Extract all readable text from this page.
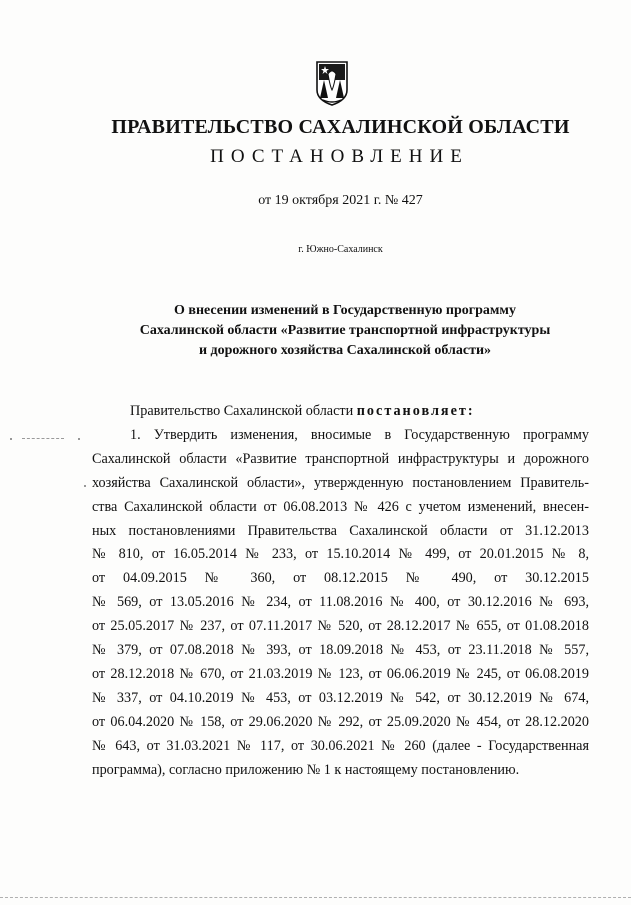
ПРАВИТЕЛЬСТВО САХАЛИНСКОЙ ОБЛАСТИ
ПОСТАНОВЛЕНИЕ
от 19 октября 2021 г. № 427
г. Южно-Сахалинск
О внесении изменений в Государственную программу
Сахалинской области «Развитие транспортной инфраструктуры
и дорожного хозяйства Сахалинской области»
Правительство Сахалинской области постановляет:
1. Утвердить изменения, вносимые в Государственную программу
Сахалинской области «Развитие транспортной инфраструктуры и дорожного
хозяйства Сахалинской области», утвержденную постановлением Правитель-
ства Сахалинской области от 06.08.2013 № 426 с учетом изменений, внесен-
ных постановлениями Правительства Сахалинской области от 31.12.2013
№ 810, от 16.05.2014 № 233, от 15.10.2014 № 499, от 20.01.2015 № 8,
от 04.09.2015 № 360, от 08.12.2015 № 490, от 30.12.2015
№ 569, от 13.05.2016 № 234, от 11.08.2016 № 400, от 30.12.2016 № 693,
от 25.05.2017 № 237, от 07.11.2017 № 520, от 28.12.2017 № 655, от 01.08.2018
№ 379, от 07.08.2018 № 393, от 18.09.2018 № 453, от 23.11.2018 № 557,
от 28.12.2018 № 670, от 21.03.2019 № 123, от 06.06.2019 № 245, от 06.08.2019
№ 337, от 04.10.2019 № 453, от 03.12.2019 № 542, от 30.12.2019 № 674,
от 06.04.2020 № 158, от 29.06.2020 № 292, от 25.09.2020 № 454, от 28.12.2020
№ 643, от 31.03.2021 № 117, от 30.06.2021 № 260 (далее - Государственная
программа), согласно приложению № 1 к настоящему постановлению.
